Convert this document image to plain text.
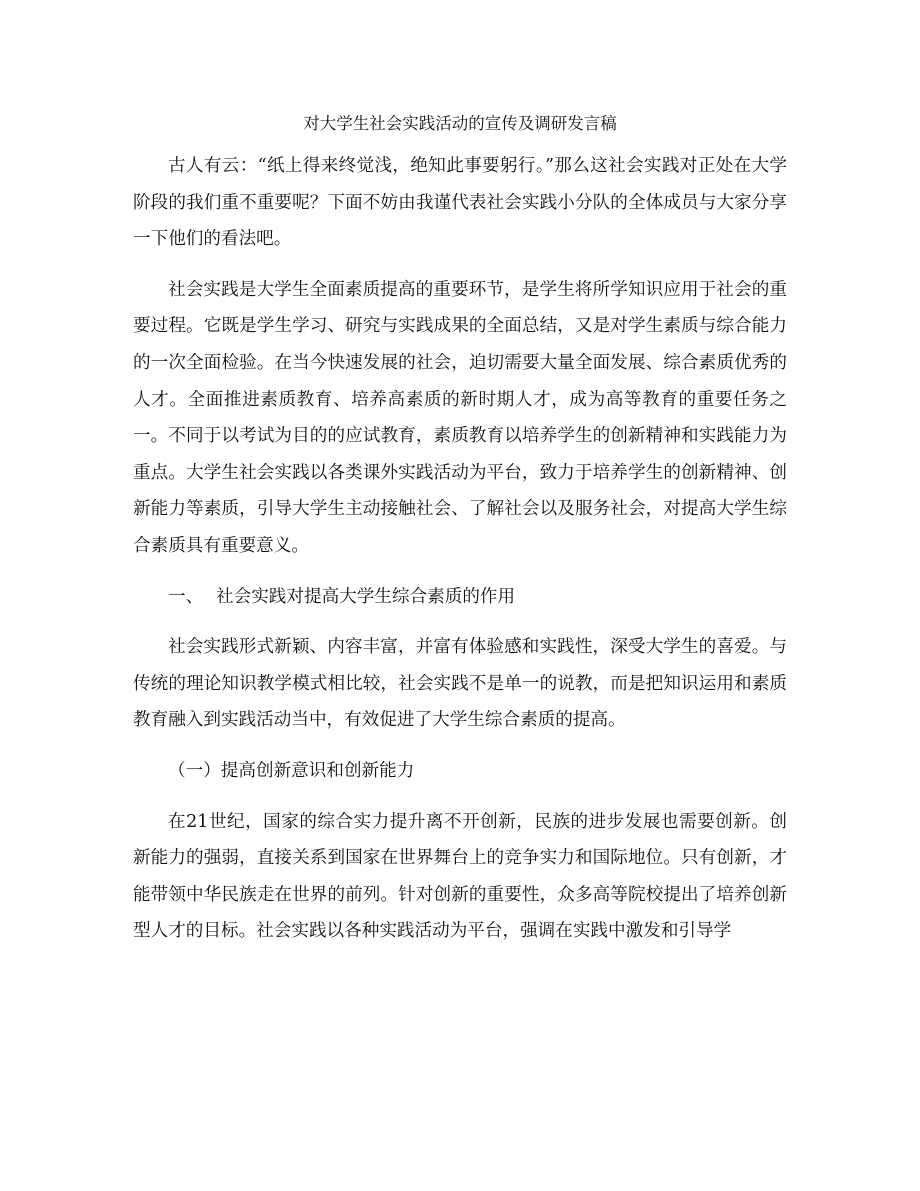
对大学生社会实践活动的宣传及调研发言稿

古人有云：“纸上得来终觉浅，绝知此事要躬行。”那么这社会实践对正处在大学阶段的我们重不重要呢？下面不妨由我谨代表社会实践小分队的全体成员与大家分享一下他们的看法吧。

社会实践是大学生全面素质提高的重要环节，是学生将所学知识应用于社会的重要过程。它既是学生学习、研究与实践成果的全面总结，又是对学生素质与综合能力的一次全面检验。在当今快速发展的社会，迫切需要大量全面发展、综合素质优秀的人才。全面推进素质教育、培养高素质的新时期人才，成为高等教育的重要任务之一。不同于以考试为目的的应试教育，素质教育以培养学生的创新精神和实践能力为重点。大学生社会实践以各类课外实践活动为平台，致力于培养学生的创新精神、创新能力等素质，引导大学生主动接触社会、了解社会以及服务社会，对提高大学生综合素质具有重要意义。

一、 社会实践对提高大学生综合素质的作用

社会实践形式新颖、内容丰富，并富有体验感和实践性，深受大学生的喜爱。与传统的理论知识教学模式相比较，社会实践不是单一的说教，而是把知识运用和素质教育融入到实践活动当中，有效促进了大学生综合素质的提高。

（一）提高创新意识和创新能力

在21世纪，国家的综合实力提升离不开创新，民族的进步发展也需要创新。创新能力的强弱，直接关系到国家在世界舞台上的竞争实力和国际地位。只有创新，才能带领中华民族走在世界的前列。针对创新的重要性，众多高等院校提出了培养创新型人才的目标。社会实践以各种实践活动为平台，强调在实践中激发和引导学
